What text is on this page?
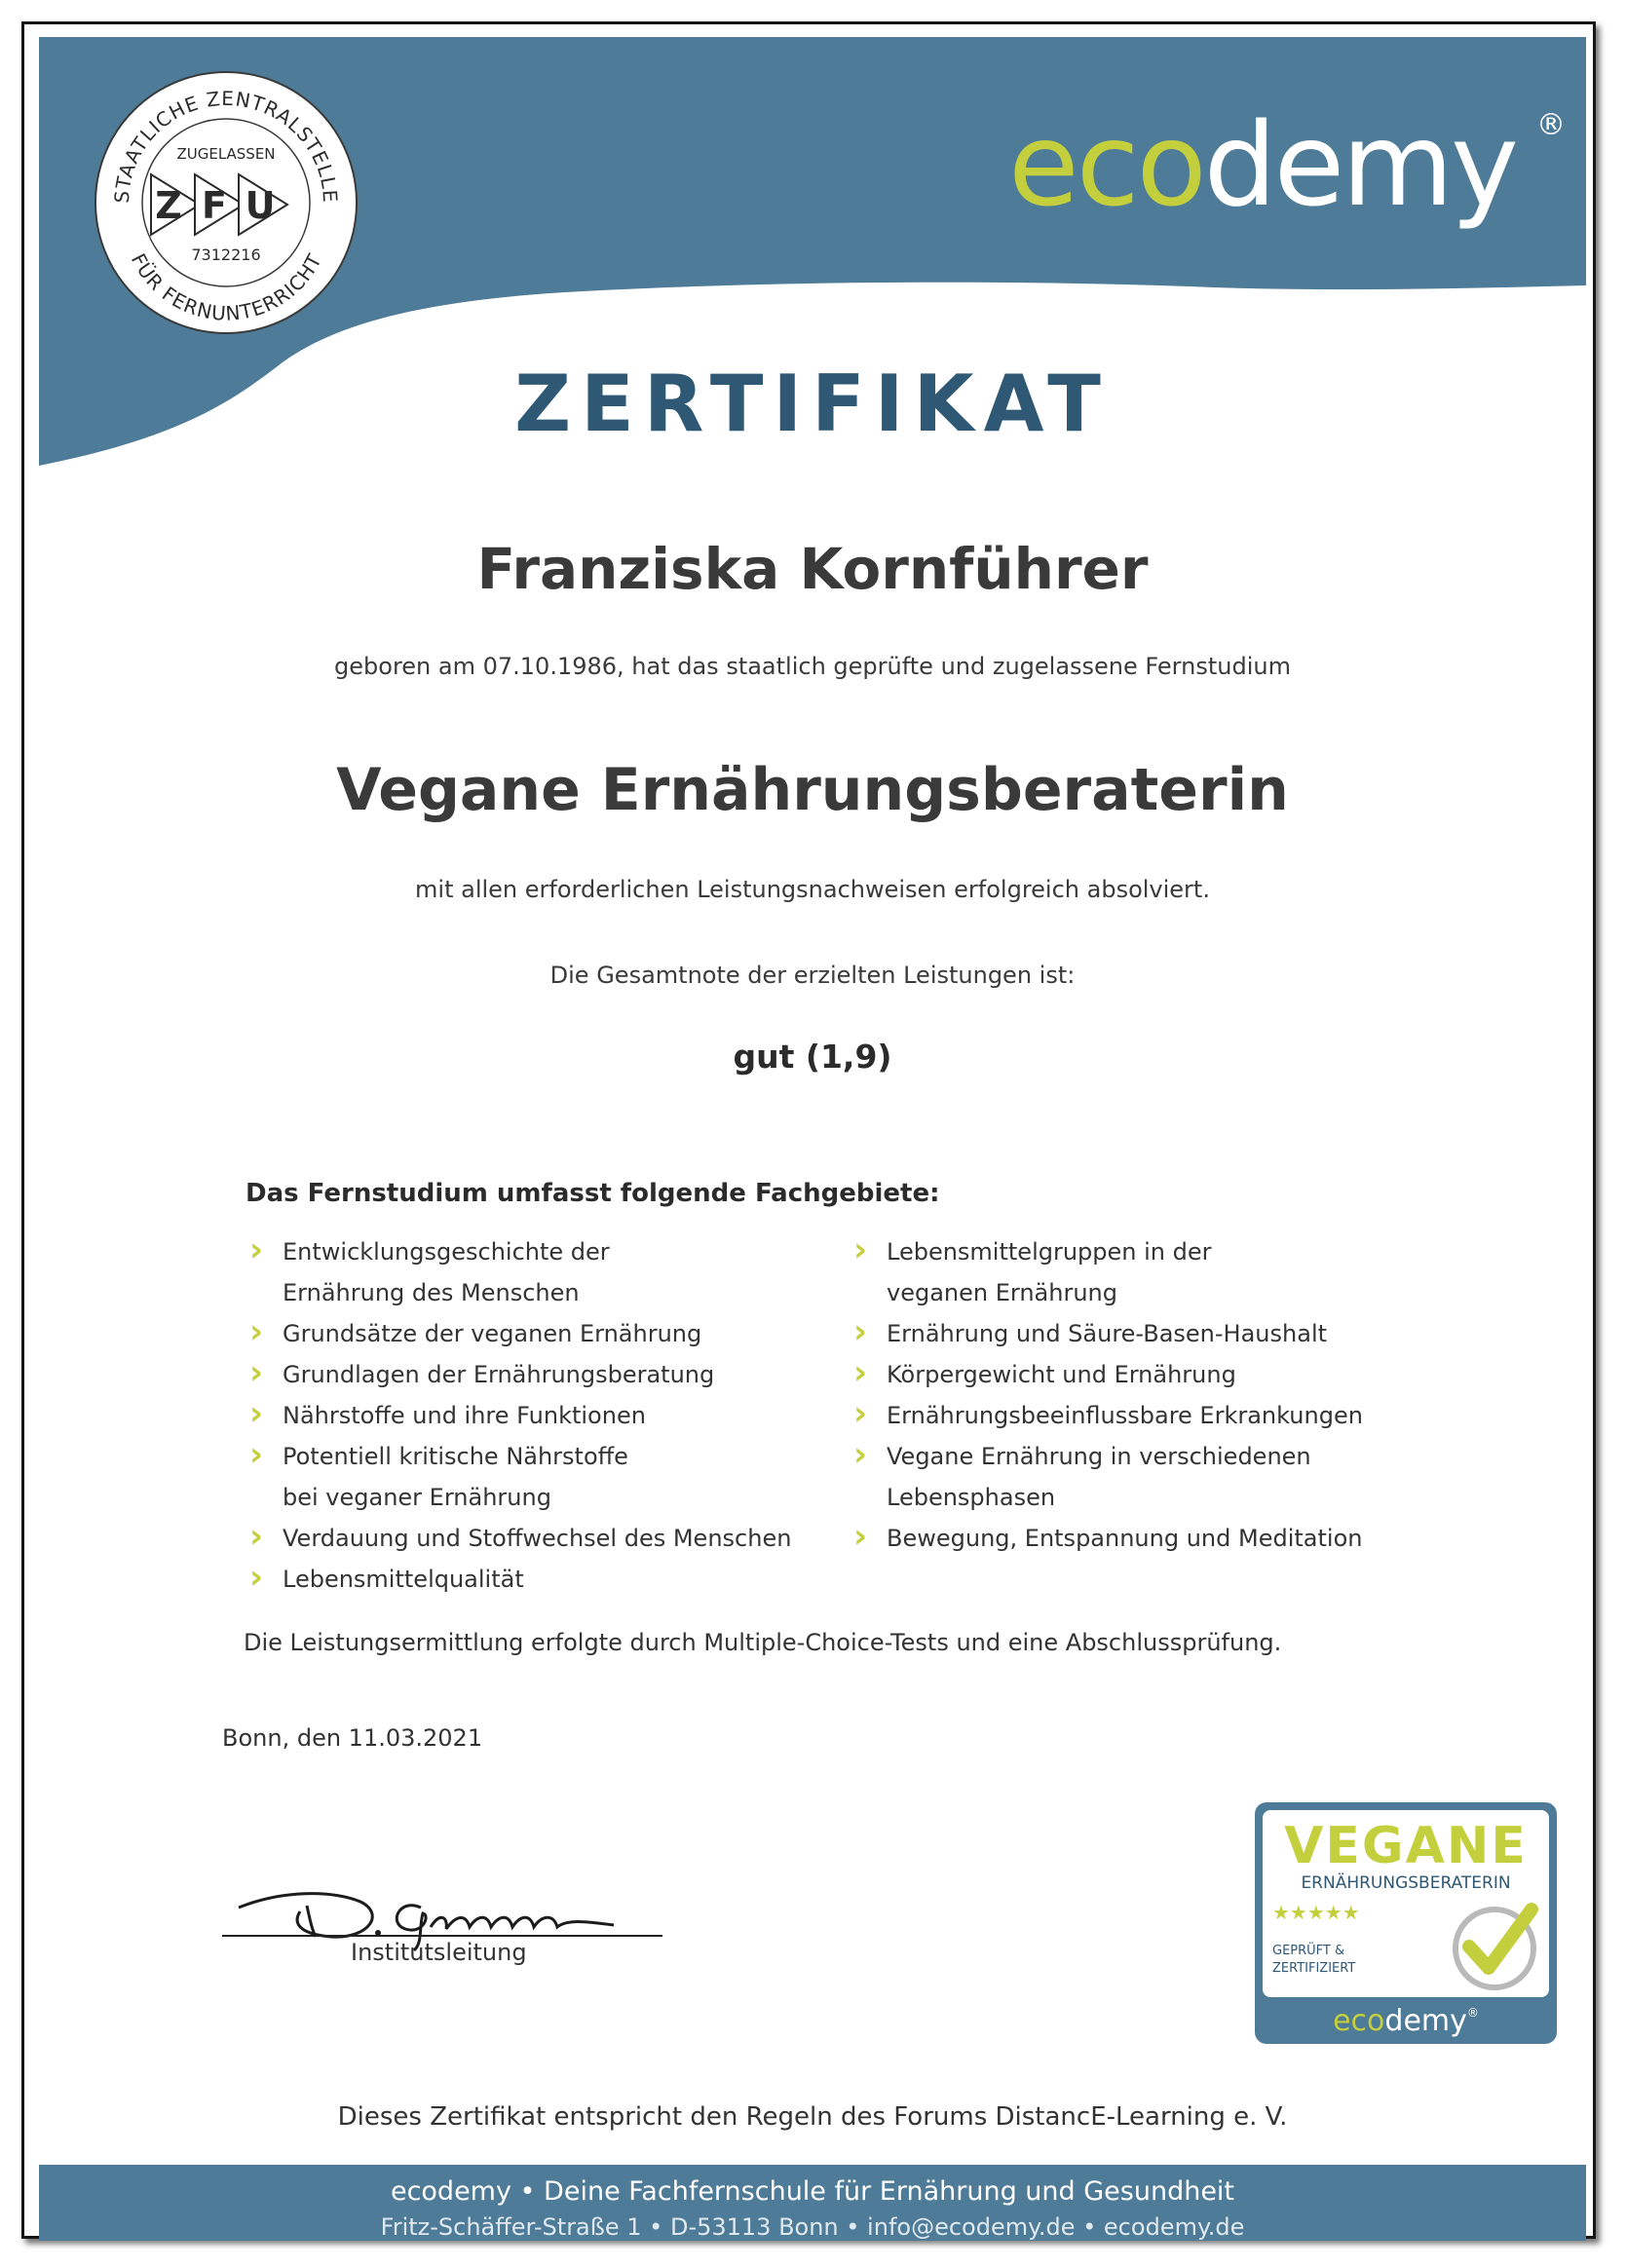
STAATLICHE ZENTRALSTELLE
FÜR FERNUNTERRICHT
ZUGELASSEN
Z F U
7312216
ecodemy ®
ZERTIFIKAT
Franziska Kornführer
geboren am 07.10.1986, hat das staatlich geprüfte und zugelassene Fernstudium
Vegane Ernährungsberaterin
mit allen erforderlichen Leistungsnachweisen erfolgreich absolviert.
Die Gesamtnote der erzielten Leistungen ist:
gut (1,9)
Das Fernstudium umfasst folgende Fachgebiete:
› Entwicklungsgeschichte der
Ernährung des Menschen
› Grundsätze der veganen Ernährung
› Grundlagen der Ernährungsberatung
› Nährstoffe und ihre Funktionen
› Potentiell kritische Nährstoffe
bei veganer Ernährung
› Verdauung und Stoffwechsel des Menschen
› Lebensmittelqualität
› Lebensmittelgruppen in der
veganen Ernährung
› Ernährung und Säure-Basen-Haushalt
› Körpergewicht und Ernährung
› Ernährungsbeeinflussbare Erkrankungen
› Vegane Ernährung in verschiedenen
Lebensphasen
› Bewegung, Entspannung und Meditation
Die Leistungsermittlung erfolgte durch Multiple-Choice-Tests und eine Abschlussprüfung.
Bonn, den 11.03.2021
Institutsleitung
VEGANE
ERNÄHRUNGSBERATERIN
★★★★★
GEPRÜFT &
ZERTIFIZIERT
ecodemy®
Dieses Zertifikat entspricht den Regeln des Forums DistancE-Learning e. V.
ecodemy • Deine Fachfernschule für Ernährung und Gesundheit
Fritz-Schäffer-Straße 1 • D-53113 Bonn • info@ecodemy.de • ecodemy.de
